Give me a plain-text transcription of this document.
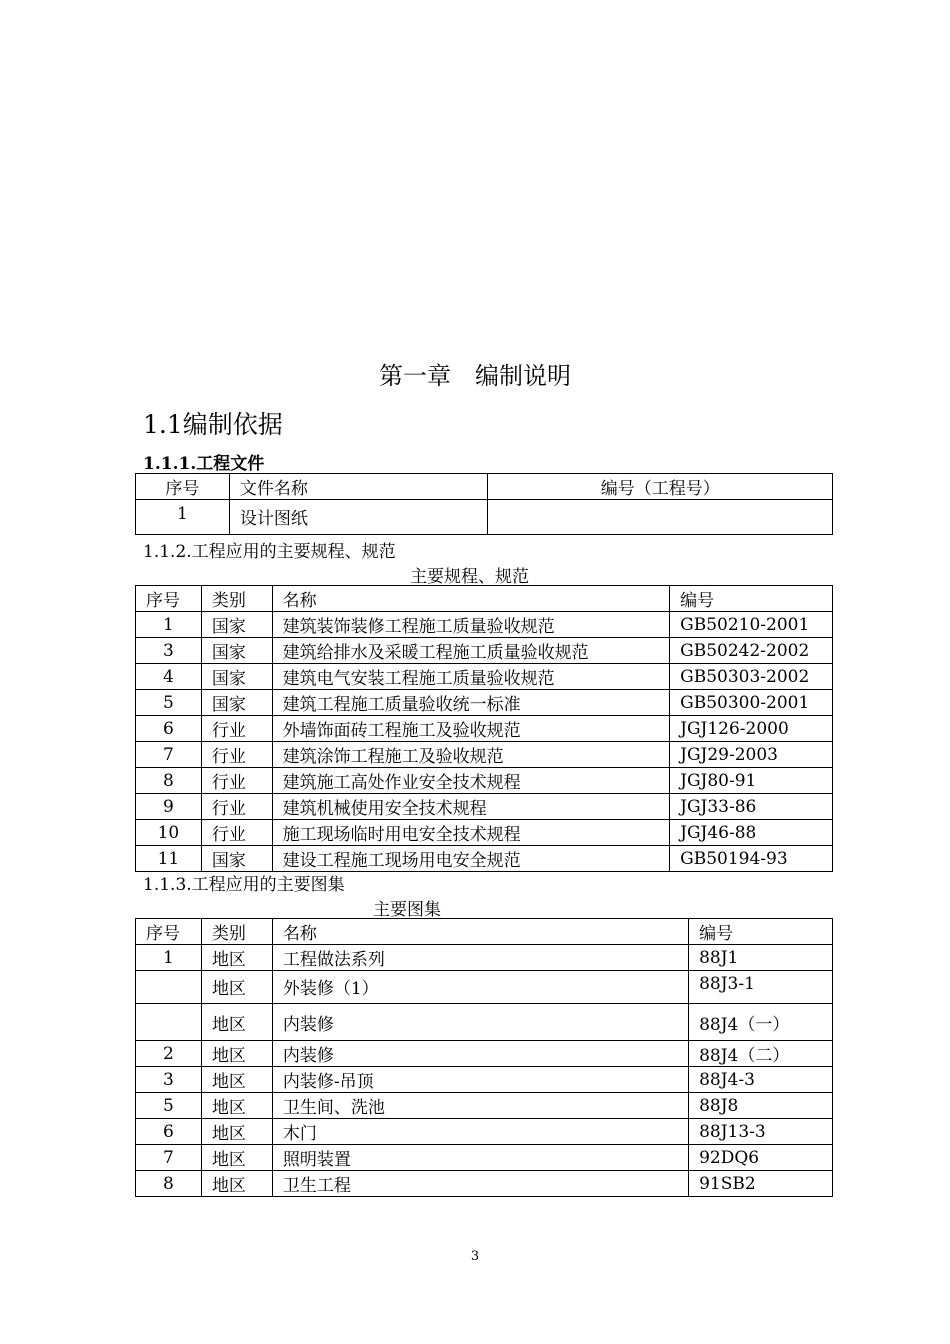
第一章　编制说明
1.1编制依据
1.1.1.工程文件
序号	文件名称	编号（工程号）
1	设计图纸	
1.1.2.工程应用的主要规程、规范
主要规程、规范
序号	类别	名称	编号
1	国家	建筑装饰装修工程施工质量验收规范	GB50210-2001
3	国家	建筑给排水及采暖工程施工质量验收规范	GB50242-2002
4	国家	建筑电气安装工程施工质量验收规范	GB50303-2002
5	国家	建筑工程施工质量验收统一标准	GB50300-2001
6	行业	外墙饰面砖工程施工及验收规范	JGJ126-2000
7	行业	建筑涂饰工程施工及验收规范	JGJ29-2003
8	行业	建筑施工高处作业安全技术规程	JGJ80-91
9	行业	建筑机械使用安全技术规程	JGJ33-86
10	行业	施工现场临时用电安全技术规程	JGJ46-88
11	国家	建设工程施工现场用电安全规范	GB50194-93
1.1.3.工程应用的主要图集
主要图集
序号	类别	名称	编号
1	地区	工程做法系列	88J1
	地区	外装修（1）	88J3-1
	地区	内装修	88J4（一）
2	地区	内装修	88J4（二）
3	地区	内装修-吊顶	88J4-3
5	地区	卫生间、洗池	88J8
6	地区	木门	88J13-3
7	地区	照明装置	92DQ6
8	地区	卫生工程	91SB2
3
